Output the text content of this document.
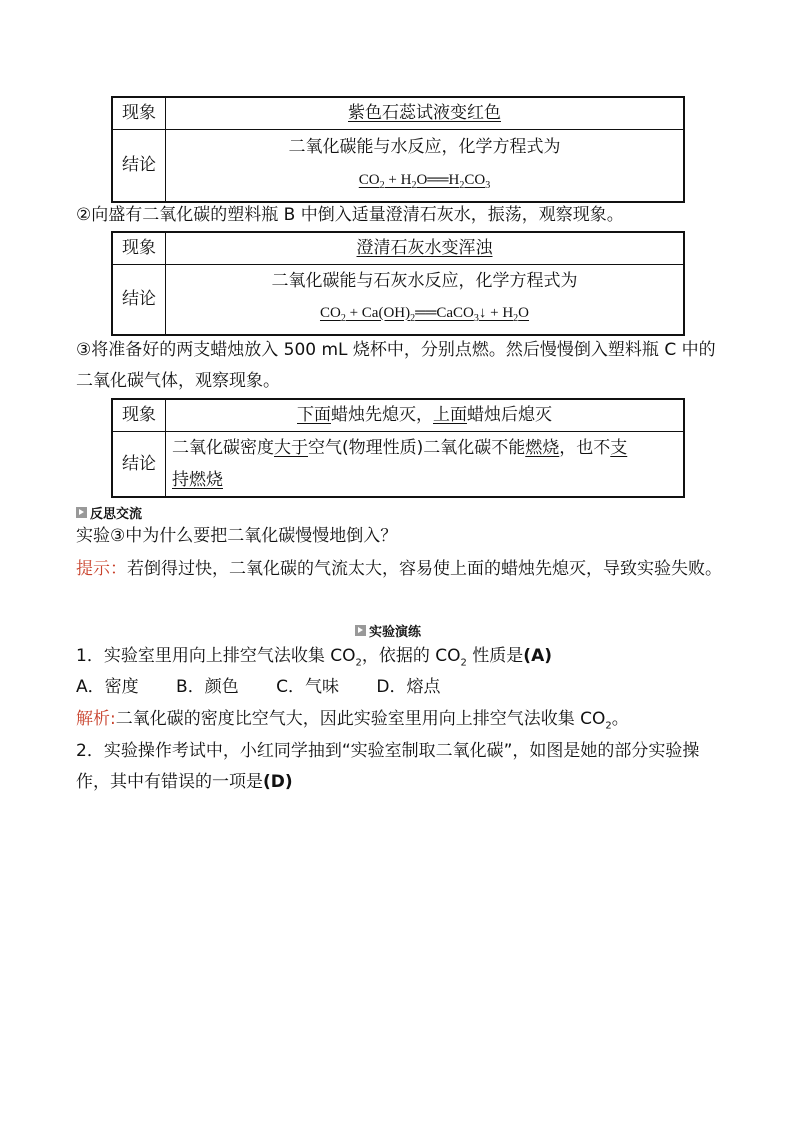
现象	紫色石蕊试液变红色
结论	二氧化碳能与水反应，化学方程式为
$CO_2$ + $H_2O══H_2CO_3$
②向盛有二氧化碳的塑料瓶 B 中倒入适量澄清石灰水，振荡，观察现象。
现象	澄清石灰水变浑浊
结论	二氧化碳能与石灰水反应，化学方程式为
$CO_2$ + $Ca(OH)_2══CaCO_3↓ + H_2O$
③将准备好的两支蜡烛放入 500 mL 烧杯中，分别点燃。然后慢慢倒入塑料瓶 C 中的二氧化碳气体，观察现象。
现象	下面蜡烛先熄灭，上面蜡烛后熄灭
结论	二氧化碳密度大于空气(物理性质)二氧化碳不能燃烧，也不支
持燃烧
反思交流
实验③中为什么要把二氧化碳慢慢地倒入？
提示：若倒得过快，二氧化碳的气流太大，容易使上面的蜡烛先熄灭，导致实验失败。
实验演练
1．实验室里用向上排空气法收集 $CO_2$，依据的 $CO_2$ 性质是(A)
A．密度 B．颜色 C．气味 D．熔点
解析:二氧化碳的密度比空气大，因此实验室里用向上排空气法收集 $CO_2$。
2．实验操作考试中，小红同学抽到“实验室制取二氧化碳”，如图是她的部分实验操作，其中有错误的一项是(D)
